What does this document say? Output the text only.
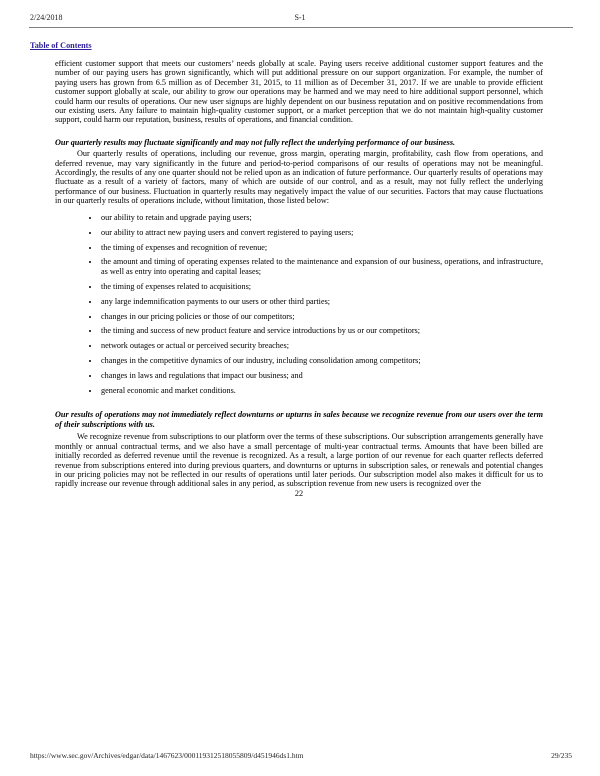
2/24/2018	S-1
Table of Contents

efficient customer support that meets our customers’ needs globally at scale. Paying users receive additional customer support features and the number of our paying users has grown significantly, which will put additional pressure on our support organization. For example, the number of paying users has grown from 6.5 million as of December 31, 2015, to 11 million as of December 31, 2017. If we are unable to provide efficient customer support globally at scale, our ability to grow our operations may be harmed and we may need to hire additional support personnel, which could harm our results of operations. Our new user signups are highly dependent on our business reputation and on positive recommendations from our existing users. Any failure to maintain high-quality customer support, or a market perception that we do not maintain high-quality customer support, could harm our reputation, business, results of operations, and financial condition.

Our quarterly results may fluctuate significantly and may not fully reflect the underlying performance of our business.

Our quarterly results of operations, including our revenue, gross margin, operating margin, profitability, cash flow from operations, and deferred revenue, may vary significantly in the future and period-to-period comparisons of our results of operations may not be meaningful. Accordingly, the results of any one quarter should not be relied upon as an indication of future performance. Our quarterly results of operations may fluctuate as a result of a variety of factors, many of which are outside of our control, and as a result, may not fully reflect the underlying performance of our business. Fluctuation in quarterly results may negatively impact the value of our securities. Factors that may cause fluctuations in our quarterly results of operations include, without limitation, those listed below:

• our ability to retain and upgrade paying users;
• our ability to attract new paying users and convert registered to paying users;
• the timing of expenses and recognition of revenue;
• the amount and timing of operating expenses related to the maintenance and expansion of our business, operations, and infrastructure, as well as entry into operating and capital leases;
• the timing of expenses related to acquisitions;
• any large indemnification payments to our users or other third parties;
• changes in our pricing policies or those of our competitors;
• the timing and success of new product feature and service introductions by us or our competitors;
• network outages or actual or perceived security breaches;
• changes in the competitive dynamics of our industry, including consolidation among competitors;
• changes in laws and regulations that impact our business; and
• general economic and market conditions.

Our results of operations may not immediately reflect downturns or upturns in sales because we recognize revenue from our users over the term of their subscriptions with us.

We recognize revenue from subscriptions to our platform over the terms of these subscriptions. Our subscription arrangements generally have monthly or annual contractual terms, and we also have a small percentage of multi-year contractual terms. Amounts that have been billed are initially recorded as deferred revenue until the revenue is recognized. As a result, a large portion of our revenue for each quarter reflects deferred revenue from subscriptions entered into during previous quarters, and downturns or upturns in subscription sales, or renewals and potential changes in our pricing policies may not be reflected in our results of operations until later periods. Our subscription model also makes it difficult for us to rapidly increase our revenue through additional sales in any period, as subscription revenue from new users is recognized over the

22

https://www.sec.gov/Archives/edgar/data/1467623/000119312518055809/d451946ds1.htm	29/235
